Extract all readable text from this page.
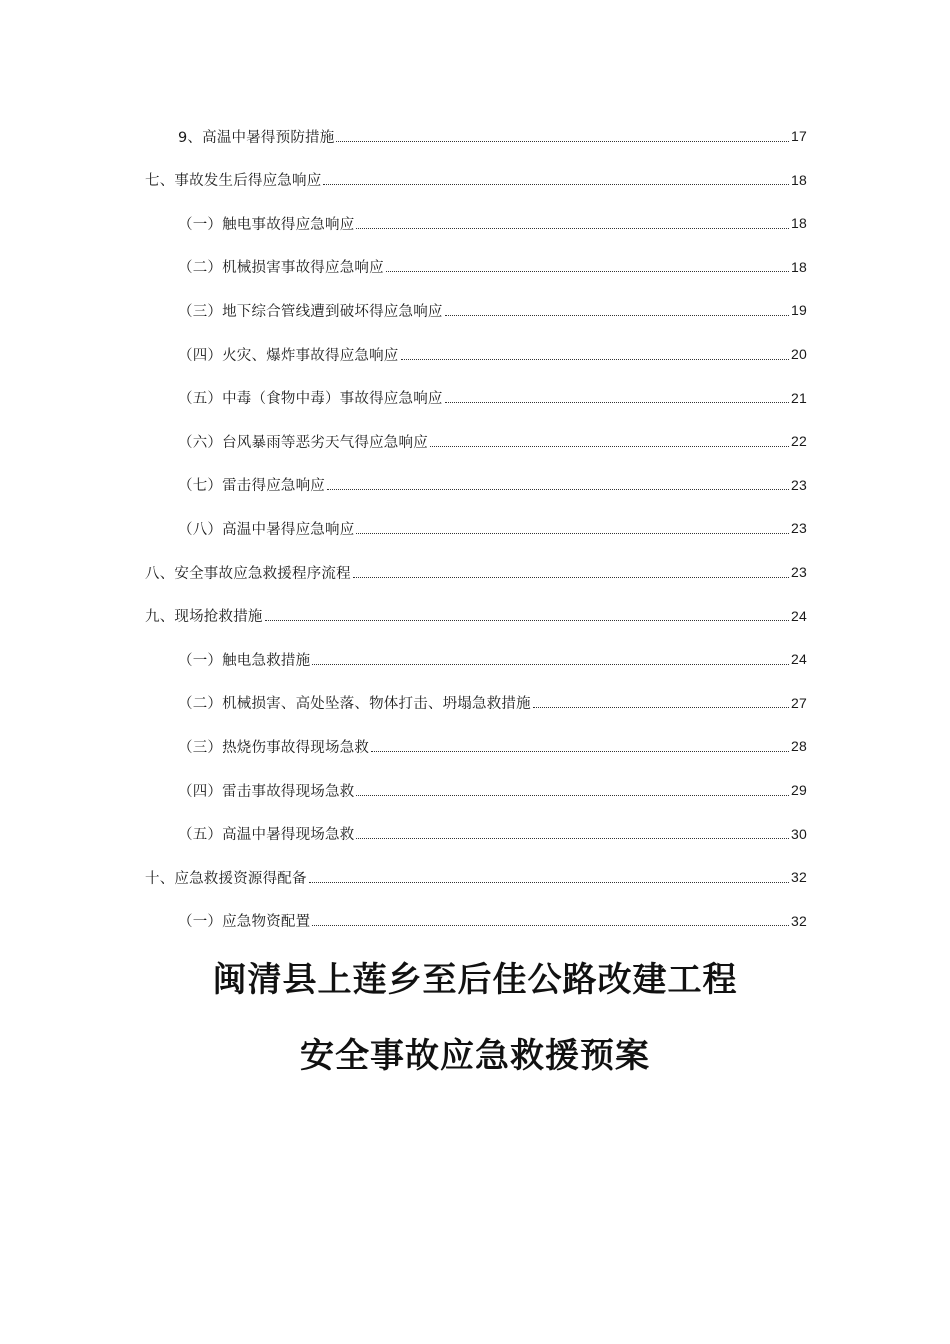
9、高温中暑得预防措施	17
七、事故发生后得应急响应	18
（一）触电事故得应急响应	18
（二）机械损害事故得应急响应	18
（三）地下综合管线遭到破坏得应急响应	19
（四）火灾、爆炸事故得应急响应	20
（五）中毒（食物中毒）事故得应急响应	21
（六）台风暴雨等恶劣天气得应急响应	22
（七）雷击得应急响应	23
（八）高温中暑得应急响应	23
八、安全事故应急救援程序流程	23
九、现场抢救措施	24
（一）触电急救措施	24
（二）机械损害、高处坠落、物体打击、坍塌急救措施	27
（三）热烧伤事故得现场急救	28
（四）雷击事故得现场急救	29
（五）高温中暑得现场急救	30
十、应急救援资源得配备	32
（一）应急物资配置	32
闽清县上莲乡至后佳公路改建工程
安全事故应急救援预案
